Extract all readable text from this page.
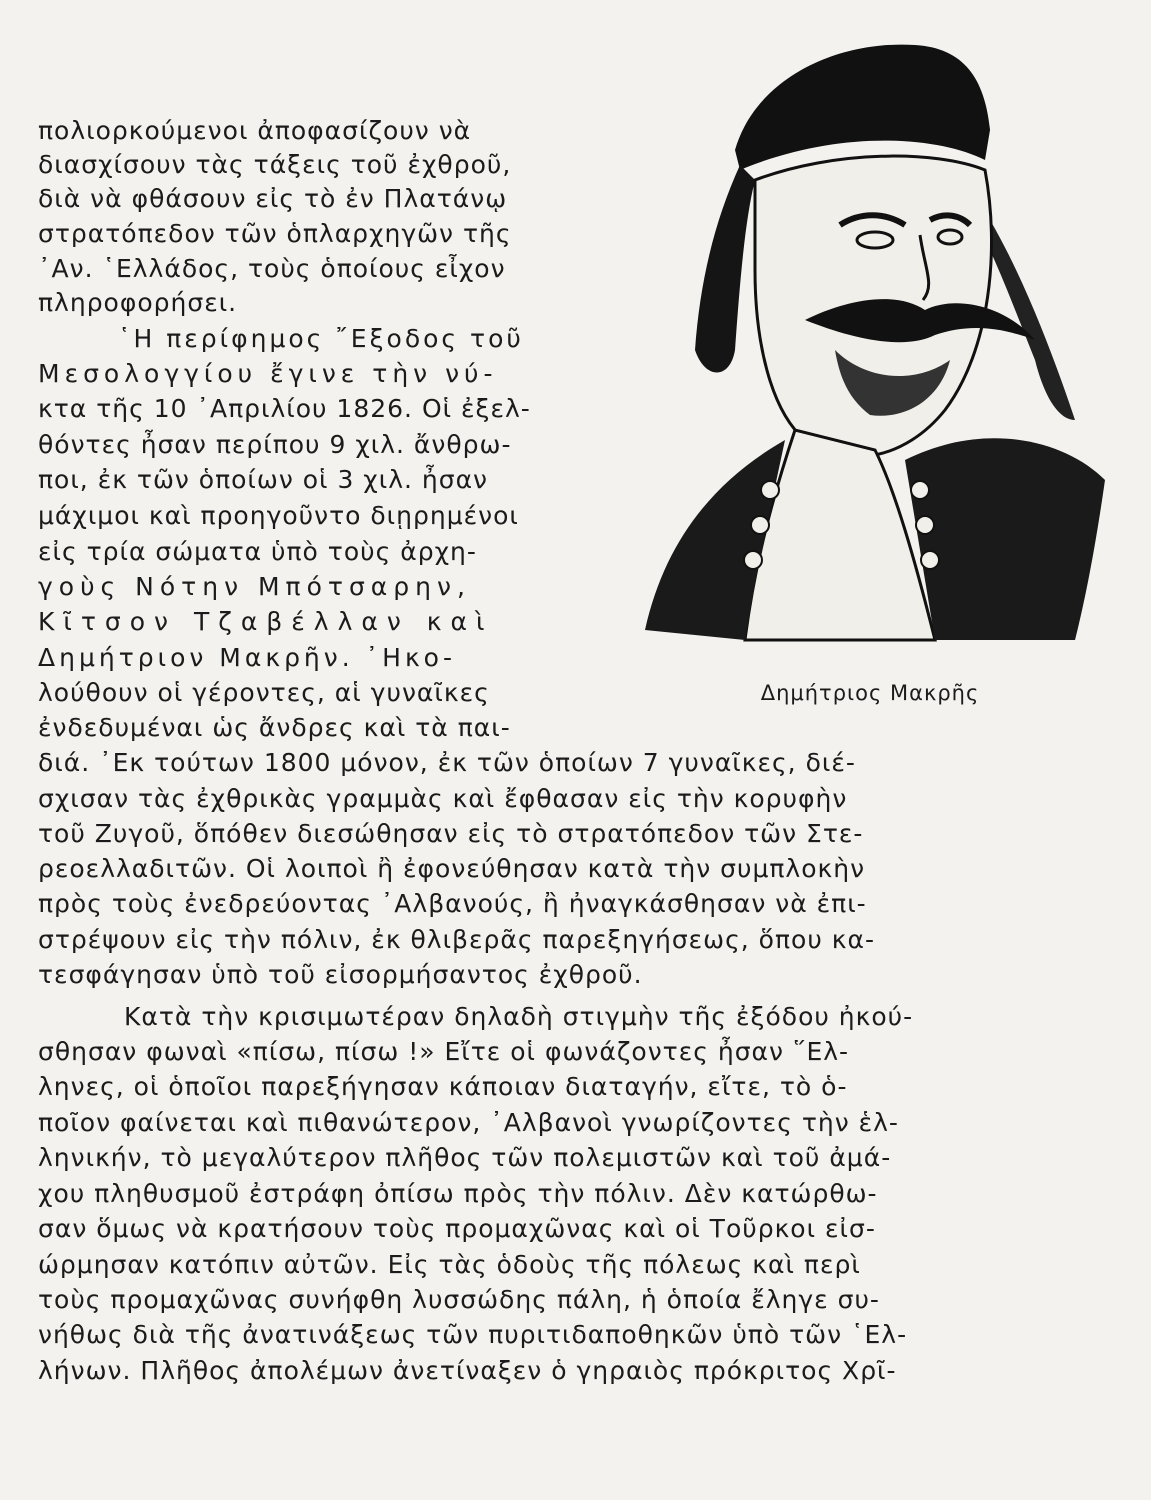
πολιορκούμενοι ἀποφασίζουν νὰ
διασχίσουν τὰς τάξεις τοῦ ἐχθροῦ,
διὰ νὰ φθάσουν εἰς τὸ ἐν Πλατάνῳ
στρατόπεδον τῶν ὁπλαρχηγῶν τῆς
᾽Αν. ῾Ελλάδος, τοὺς ὁποίους εἶχον
πληροφορήσει.
῾Η περίφημος ῎Εξοδος τοῦ
Μεσολογγίου ἔγινε τὴν νύ-
κτα τῆς 10 ᾽Απριλίου 1826. Οἱ ἐξελ-
θόντες ἦσαν περίπου 9 χιλ. ἄνθρω-
ποι, ἐκ τῶν ὁποίων οἱ 3 χιλ. ἦσαν
μάχιμοι καὶ προηγοῦντο διῃρημένοι
εἰς τρία σώματα ὑπὸ τοὺς ἀρχη-
γοὺς Νότην Μπότσαρην,
Κῖτσον Τζαβέλλαν καὶ
Δημήτριον Μακρῆν. ᾽Ηκο-
λούθουν οἱ γέροντες, αἱ γυναῖκες
ἐνδεδυμέναι ὡς ἄνδρες καὶ τὰ παι-
διά. ᾽Εκ τούτων 1800 μόνον, ἐκ τῶν ὁποίων 7 γυναῖκες, διέ-
σχισαν τὰς ἐχθρικὰς γραμμὰς καὶ ἔφθασαν εἰς τὴν κορυφὴν
τοῦ Ζυγοῦ, ὅπόθεν διεσώθησαν εἰς τὸ στρατόπεδον τῶν Στε-
ρεοελλαδιτῶν. Οἱ λοιποὶ ἢ ἐφονεύθησαν κατὰ τὴν συμπλοκὴν
πρὸς τοὺς ἐνεδρεύοντας ᾽Αλβανούς, ἢ ἠναγκάσθησαν νὰ ἐπι-
στρέψουν εἰς τὴν πόλιν, ἐκ θλιβερᾶς παρεξηγήσεως, ὅπου κα-
τεσφάγησαν ὑπὸ τοῦ εἰσορμήσαντος ἐχθροῦ.
Κατὰ τὴν κρισιμωτέραν δηλαδὴ στιγμὴν τῆς ἐξόδου ἠκού-
σθησαν φωναὶ «πίσω, πίσω !» Εἴτε οἱ φωνάζοντες ἦσαν ῞Ελ-
ληνες, οἱ ὁποῖοι παρεξήγησαν κάποιαν διαταγήν, εἴτε, τὸ ὁ-
ποῖον φαίνεται καὶ πιθανώτερον, ᾽Αλβανοὶ γνωρίζοντες τὴν ἑλ-
ληνικήν, τὸ μεγαλύτερον πλῆθος τῶν πολεμιστῶν καὶ τοῦ ἀμά-
χου πληθυσμοῦ ἐστράφη ὀπίσω πρὸς τὴν πόλιν. Δὲν κατώρθω-
σαν ὅμως νὰ κρατήσουν τοὺς προμαχῶνας καὶ οἱ Τοῦρκοι εἰσ-
ώρμησαν κατόπιν αὐτῶν. Εἰς τὰς ὁδοὺς τῆς πόλεως καὶ περὶ
τοὺς προμαχῶνας συνήφθη λυσσώδης πάλη, ἡ ὁποία ἔληγε συ-
νήθως διὰ τῆς ἀνατινάξεως τῶν πυριτιδαποθηκῶν ὑπὸ τῶν ῾Ελ-
λήνων. Πλῆθος ἀπολέμων ἀνετίναξεν ὁ γηραιὸς πρόκριτος Χρῖ-
Δημήτριος Μακρῆς
